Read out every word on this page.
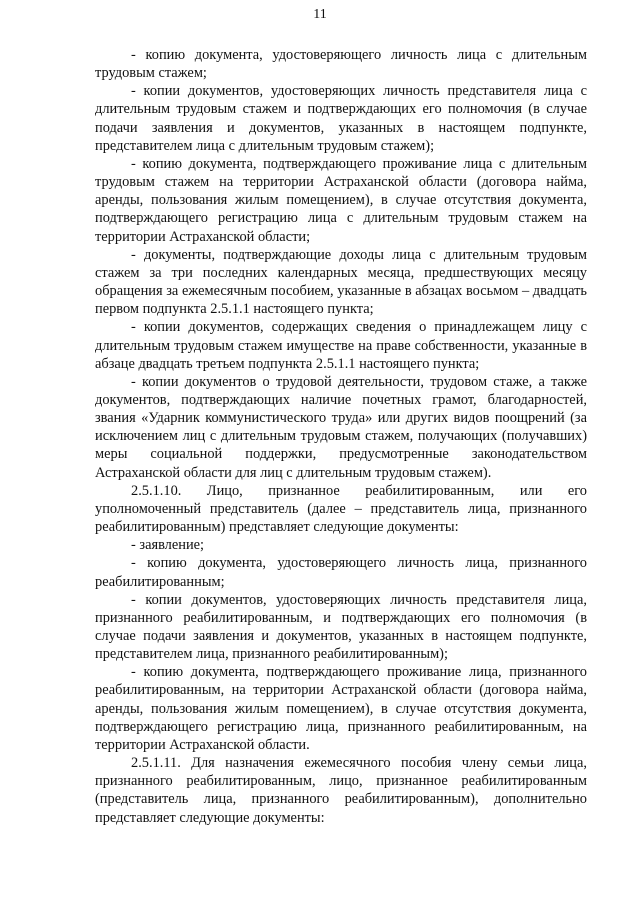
11

- копию документа, удостоверяющего личность лица с длительным трудовым стажем;

- копии документов, удостоверяющих личность представителя лица с длительным трудовым стажем и подтверждающих его полномочия (в случае подачи заявления и документов, указанных в настоящем подпункте, представителем лица с длительным трудовым стажем);

- копию документа, подтверждающего проживание лица с длительным трудовым стажем на территории Астраханской области (договора найма, аренды, пользования жилым помещением), в случае отсутствия документа, подтверждающего регистрацию лица с длительным трудовым стажем на территории Астраханской области;

- документы, подтверждающие доходы лица с длительным трудовым стажем за три последних календарных месяца, предшествующих месяцу обращения за ежемесячным пособием, указанные в абзацах восьмом – двадцать первом подпункта 2.5.1.1 настоящего пункта;

- копии документов, содержащих сведения о принадлежащем лицу с длительным трудовым стажем имуществе на праве собственности, указанные в абзаце двадцать третьем подпункта 2.5.1.1 настоящего пункта;

- копии документов о трудовой деятельности, трудовом стаже, а также документов, подтверждающих наличие почетных грамот, благодарностей, звания «Ударник коммунистического труда» или других видов поощрений (за исключением лиц с длительным трудовым стажем, получающих (получавших) меры социальной поддержки, предусмотренные законодательством Астраханской области для лиц с длительным трудовым стажем).

2.5.1.10. Лицо, признанное реабилитированным, или его уполномоченный представитель (далее – представитель лица, признанного реабилитированным) представляет следующие документы:

- заявление;

- копию документа, удостоверяющего личность лица, признанного реабилитированным;

- копии документов, удостоверяющих личность представителя лица, признанного реабилитированным, и подтверждающих его полномочия (в случае подачи заявления и документов, указанных в настоящем подпункте, представителем лица, признанного реабилитированным);

- копию документа, подтверждающего проживание лица, признанного реабилитированным, на территории Астраханской области (договора найма, аренды, пользования жилым помещением), в случае отсутствия документа, подтверждающего регистрацию лица, признанного реабилитированным, на территории Астраханской области.

2.5.1.11. Для назначения ежемесячного пособия члену семьи лица, признанного реабилитированным, лицо, признанное реабилитированным (представитель лица, признанного реабилитированным), дополнительно представляет следующие документы:
